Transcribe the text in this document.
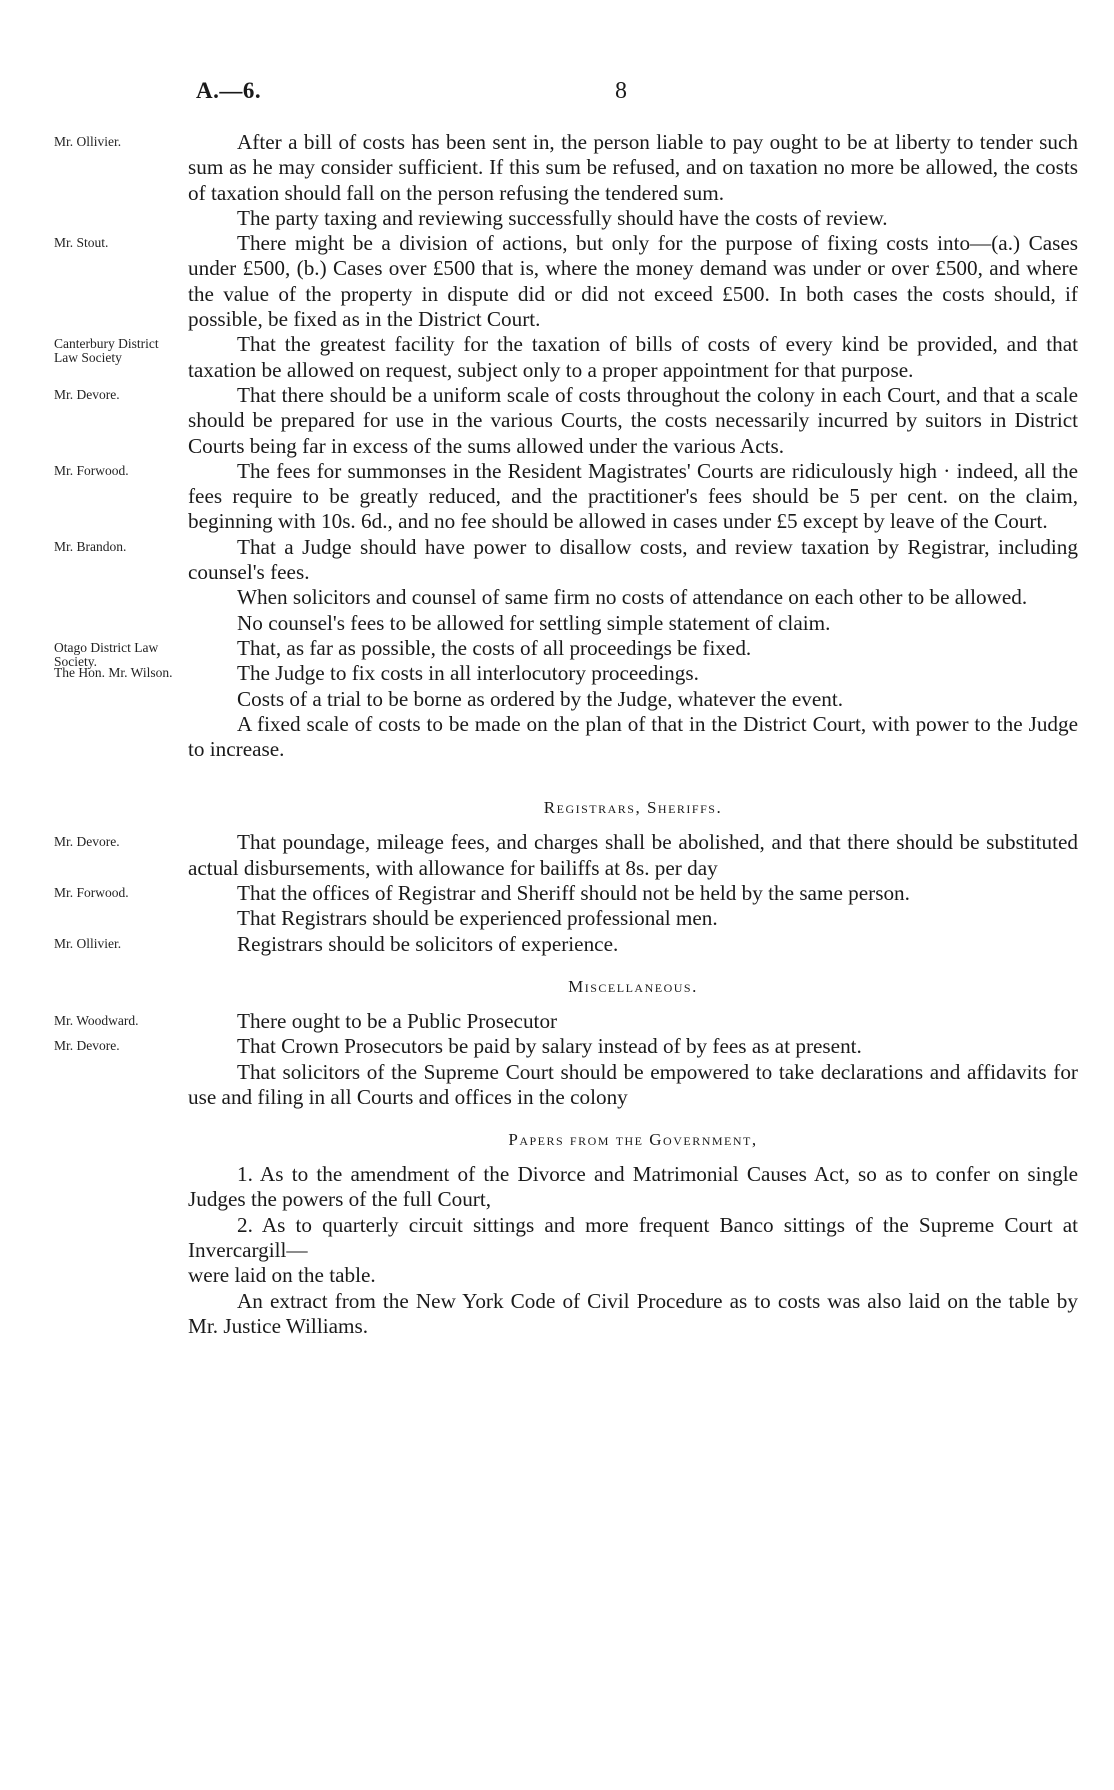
A.—6.	8
Mr. Ollivier.	After a bill of costs has been sent in, the person liable to pay ought to be at liberty to tender such sum as he may consider sufficient. If this sum be refused, and on taxation no more be allowed, the costs of taxation should fall on the person refusing the tendered sum.
The party taxing and reviewing successfully should have the costs of review.
Mr. Stout.	There might be a division of actions, but only for the purpose of fixing costs into—(a.) Cases under £500, (b.) Cases over £500 that is, where the money demand was under or over £500, and where the value of the property in dispute did or did not exceed £500. In both cases the costs should, if possible, be fixed as in the District Court.
Canterbury District Law Society
That the greatest facility for the taxation of bills of costs of every kind be provided, and that taxation be allowed on request, subject only to a proper appointment for that purpose.
Mr. Devore.	That there should be a uniform scale of costs throughout the colony in each Court, and that a scale should be prepared for use in the various Courts, the costs necessarily incurred by suitors in District Courts being far in excess of the sums allowed under the various Acts.
Mr. Forwood.	The fees for summonses in the Resident Magistrates' Courts are ridiculously high · indeed, all the fees require to be greatly reduced, and the practitioner's fees should be 5 per cent. on the claim, beginning with 10s. 6d., and no fee should be allowed in cases under £5 except by leave of the Court.
Mr. Brandon.	That a Judge should have power to disallow costs, and review taxation by Registrar, including counsel's fees.
When solicitors and counsel of same firm no costs of attendance on each other to be allowed.
No counsel's fees to be allowed for settling simple statement of claim.
Otago District Law Society.
That, as far as possible, the costs of all proceedings be fixed.
The Hon. Mr. Wilson.	The Judge to fix costs in all interlocutory proceedings.
Costs of a trial to be borne as ordered by the Judge, whatever the event.
A fixed scale of costs to be made on the plan of that in the District Court, with power to the Judge to increase.
Registrars, Sheriffs.
Mr. Devore.	That poundage, mileage fees, and charges shall be abolished, and that there should be substituted actual disbursements, with allowance for bailiffs at 8s. per day
Mr. Forwood.	That the offices of Registrar and Sheriff should not be held by the same person.
That Registrars should be experienced professional men.
Mr. Ollivier.	Registrars should be solicitors of experience.
Miscellaneous.
Mr. Woodward.	There ought to be a Public Prosecutor
Mr. Devore.	That Crown Prosecutors be paid by salary instead of by fees as at present.
That solicitors of the Supreme Court should be empowered to take declarations and affidavits for use and filing in all Courts and offices in the colony
Papers from the Government,
1. As to the amendment of the Divorce and Matrimonial Causes Act, so as to confer on single Judges the powers of the full Court,
2. As to quarterly circuit sittings and more frequent Banco sittings of the Supreme Court at Invercargill—
were laid on the table.
An extract from the New York Code of Civil Procedure as to costs was also laid on the table by Mr. Justice Williams.
